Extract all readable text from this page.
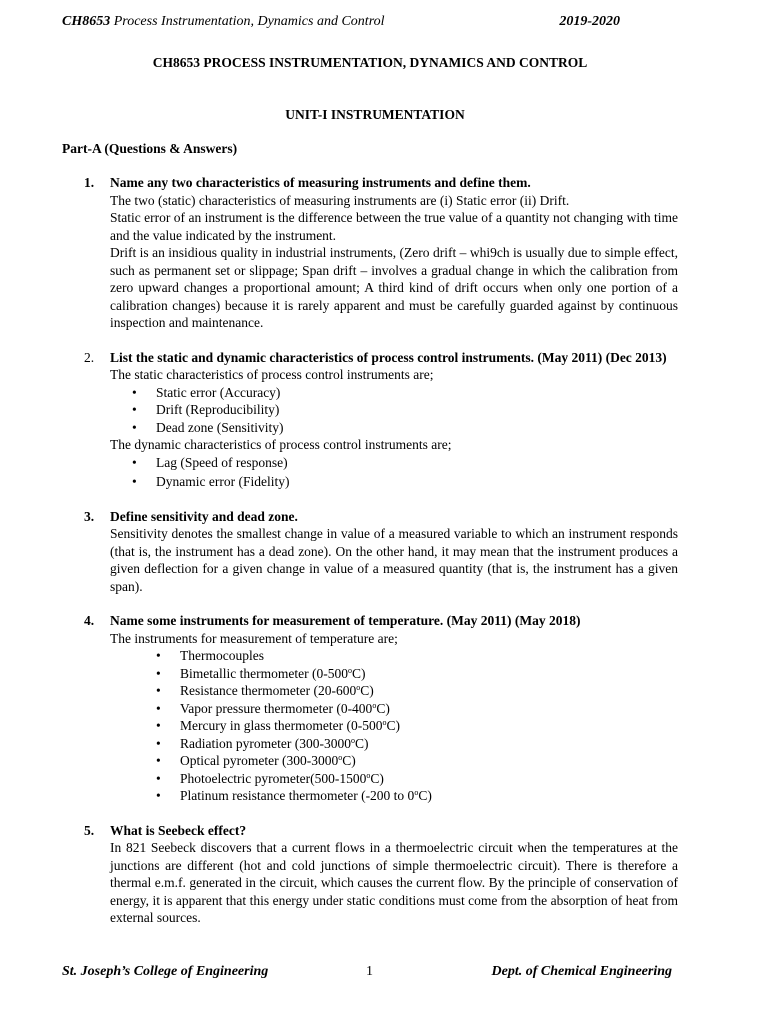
CH8653 Process Instrumentation, Dynamics and Control	2019-2020
CH8653 PROCESS INSTRUMENTATION, DYNAMICS AND CONTROL
UNIT-I INSTRUMENTATION
Part-A (Questions & Answers)
1. Name any two characteristics of measuring instruments and define them.

The two (static) characteristics of measuring instruments are (i) Static error (ii) Drift.

Static error of an instrument is the difference between the true value of a quantity not changing with time and the value indicated by the instrument.

Drift is an insidious quality in industrial instruments, (Zero drift – whi9ch is usually due to simple effect, such as permanent set or slippage; Span drift – involves a gradual change in which the calibration from zero upward changes a proportional amount; A third kind of drift occurs when only one portion of a calibration changes) because it is rarely apparent and must be carefully guarded against by continuous inspection and maintenance.

2. List the static and dynamic characteristics of process control instruments. (May 2011) (Dec 2013)

The static characteristics of process control instruments are;

• Static error (Accuracy)
• Drift (Reproducibility)
• Dead zone (Sensitivity)

The dynamic characteristics of process control instruments are;

• Lag (Speed of response)
• Dynamic error (Fidelity)
3. Define sensitivity and dead zone.

Sensitivity denotes the smallest change in value of a measured variable to which an instrument responds (that is, the instrument has a dead zone). On the other hand, it may mean that the instrument produces a given deflection for a given change in value of a measured quantity (that is, the instrument has a given span).

4. Name some instruments for measurement of temperature. (May 2011) (May 2018)

The instruments for measurement of temperature are;

• Thermocouples
• Bimetallic thermometer (0-500$^o$C)
• Resistance thermometer (20-600$^o$C)
• Vapor pressure thermometer (0-400$^o$C)
• Mercury in glass thermometer (0-500$^o$C)
• Radiation pyrometer (300-3000$^o$C)
• Optical pyrometer (300-3000$^o$C)
• Photoelectric pyrometer(500-1500$^o$C)
• Platinum resistance thermometer (-200 to 0$^o$C)
5. What is Seebeck effect?

In 821 Seebeck discovers that a current flows in a thermoelectric circuit when the temperatures at the junctions are different (hot and cold junctions of simple thermoelectric circuit). There is therefore a thermal e.m.f. generated in the circuit, which causes the current flow. By the principle of conservation of energy, it is apparent that this energy under static conditions must come from the absorption of heat from external sources.

St. Joseph’s College of Engineering	1	Dept. of Chemical Engineering
